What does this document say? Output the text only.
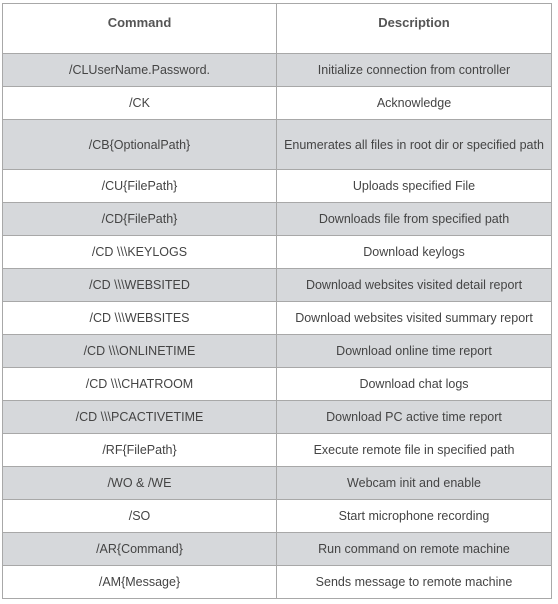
Command	Description
/CLUserName.Password.	Initialize connection from controller
/CK	Acknowledge
/CB{OptionalPath}	Enumerates all files in root dir or specified path
/CU{FilePath}	Uploads specified File
/CD{FilePath}	Downloads file from specified path
/CD \\\KEYLOGS	Download keylogs
/CD \\\WEBSITED	Download websites visited detail report
/CD \\\WEBSITES	Download websites visited summary report
/CD \\\ONLINETIME	Download online time report
/CD \\\CHATROOM	Download chat logs
/CD \\\PCACTIVETIME	Download PC active time report
/RF{FilePath}	Execute remote file in specified path
/WO & /WE	Webcam init and enable
/SO	Start microphone recording
/AR{Command}	Run command on remote machine
/AM{Message}	Sends message to remote machine
